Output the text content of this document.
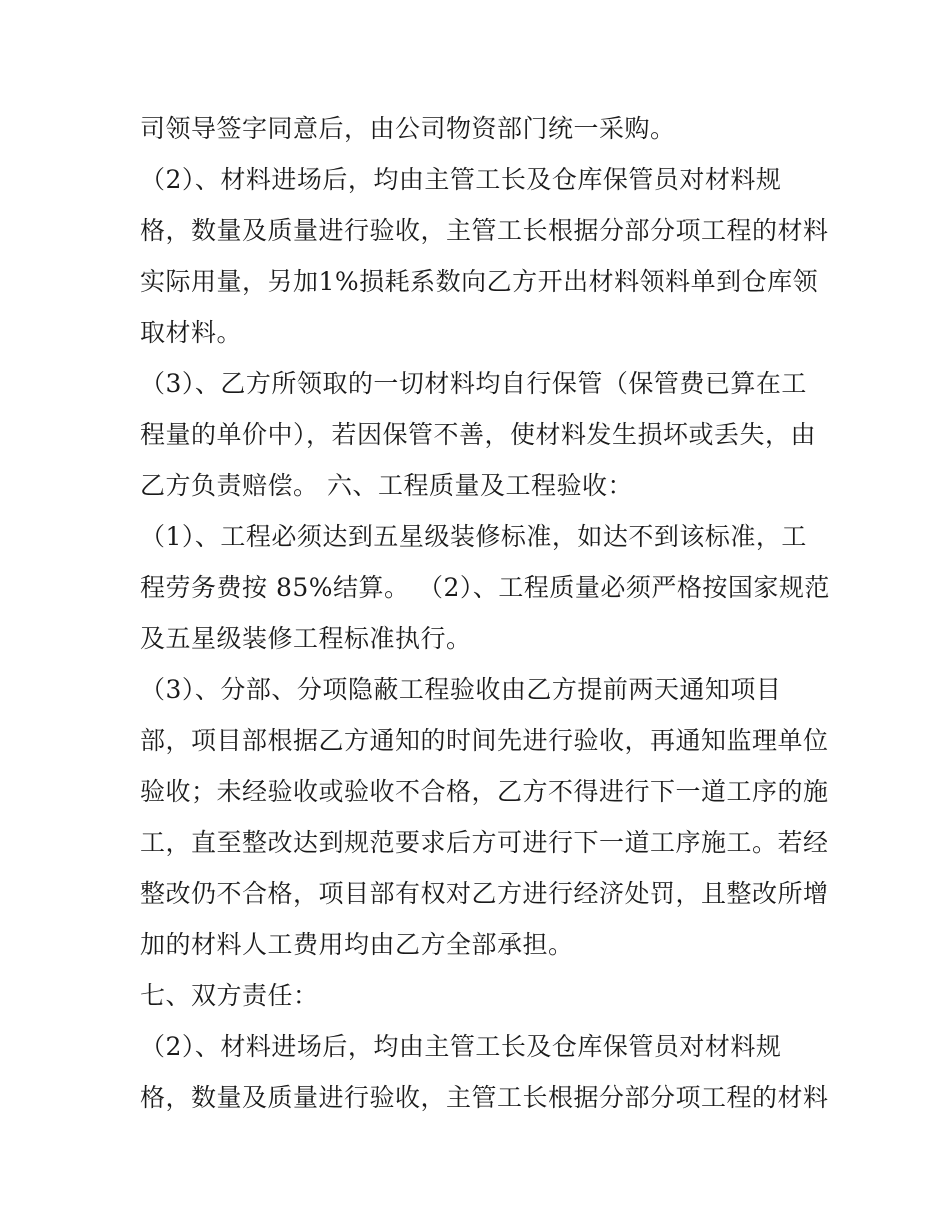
司领导签字同意后，由公司物资部门统一采购。
（2）、材料进场后，均由主管工长及仓库保管员对材料规
格，数量及质量进行验收，主管工长根据分部分项工程的材料
实际用量，另加1%损耗系数向乙方开出材料领料单到仓库领
取材料。
（3）、乙方所领取的一切材料均自行保管（保管费已算在工
程量的单价中），若因保管不善，使材料发生损坏或丢失，由
乙方负责赔偿。 六、工程质量及工程验收：
（1）、工程必须达到五星级装修标准，如达不到该标准，工
程劳务费按 85%结算。 （2）、工程质量必须严格按国家规范
及五星级装修工程标准执行。
（3）、分部、分项隐蔽工程验收由乙方提前两天通知项目
部，项目部根据乙方通知的时间先进行验收，再通知监理单位
验收；未经验收或验收不合格，乙方不得进行下一道工序的施
工，直至整改达到规范要求后方可进行下一道工序施工。若经
整改仍不合格，项目部有权对乙方进行经济处罚，且整改所增
加的材料人工费用均由乙方全部承担。
七、双方责任：
（2）、材料进场后，均由主管工长及仓库保管员对材料规
格，数量及质量进行验收，主管工长根据分部分项工程的材料
